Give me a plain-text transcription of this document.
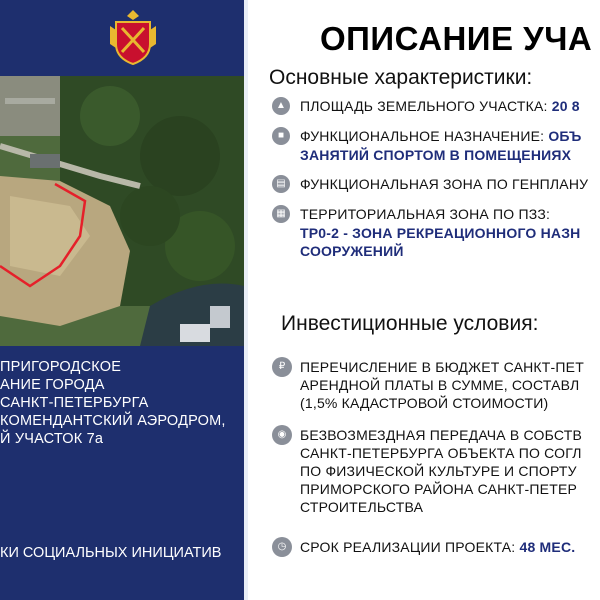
ПРИГОРОДСКОЕ
АНИЕ ГОРОДА
САНКТ-ПЕТЕРБУРГА
КОМЕНДАНТСКИЙ АЭРОДРОМ,
Й УЧАСТОК 7а
КИ СОЦИАЛЬНЫХ ИНИЦИАТИВ
ОПИСАНИЕ УЧА
Основные характеристики:
▲ ПЛОЩАДЬ ЗЕМЕЛЬНОГО УЧАСТКА: 20 8
■	ФУНКЦИОНАЛЬНОЕ НАЗНАЧЕНИЕ: ОБЪ
ЗАНЯТИЙ СПОРТОМ В ПОМЕЩЕНИЯХ
▤	ФУНКЦИОНАЛЬНАЯ ЗОНА ПО ГЕНПЛАНУ
▦	ТЕРРИТОРИАЛЬНАЯ ЗОНА ПО ПЗЗ:
ТР0-2 - ЗОНА РЕКРЕАЦИОННОГО НАЗН
СООРУЖЕНИЙ
Инвестиционные условия:
₽	ПЕРЕЧИСЛЕНИЕ В БЮДЖЕТ САНКТ-ПЕТ
АРЕНДНОЙ ПЛАТЫ В СУММЕ, СОСТАВЛ
(1,5% КАДАСТРОВОЙ СТОИМОСТИ)
◉ БЕЗВОЗМЕЗДНАЯ ПЕРЕДАЧА В СОБСТВ
САНКТ-ПЕТЕРБУРГА ОБЪЕКТА ПО СОГЛ
ПО ФИЗИЧЕСКОЙ КУЛЬТУРЕ И СПОРТУ
ПРИМОРСКОГО РАЙОНА САНКТ-ПЕТЕР
СТРОИТЕЛЬСТВА
◷ СРОК РЕАЛИЗАЦИИ ПРОЕКТА: 48 МЕС.
